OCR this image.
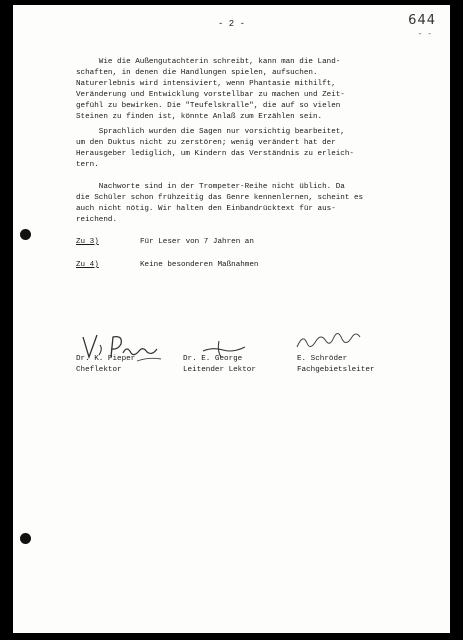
- 2 -	644
- -
Wie die Außengutachterin schreibt, kann man die Land-
schaften, in denen die Handlungen spielen, aufsuchen.
Naturerlebnis wird intensiviert, wenn Phantasie mithilft,
Veränderung und Entwicklung vorstellbar zu machen und Zeit-
gefühl zu bewirken. Die "Teufelskralle", die auf so vielen
Steinen zu finden ist, könnte Anlaß zum Erzählen sein.
Sprachlich wurden die Sagen nur vorsichtig bearbeitet,
um den Duktus nicht zu zerstören; wenig verändert hat der
Herausgeber lediglich, um Kindern das Verständnis zu erleich-
tern.
Nachworte sind in der Trompeter-Reihe nicht üblich. Da
die Schüler schon frühzeitig das Genre kennenlernen, scheint es
auch nicht nötig. Wir halten den Einbandrücktext für aus-
reichend.
Zu 3)	Für Leser von 7 Jahren an
Zu 4)	Keine besonderen Maßnahmen
Dr. K. Pieper
Cheflektor
Dr. E. George
Leitender Lektor
E. Schröder
Fachgebietsleiter
